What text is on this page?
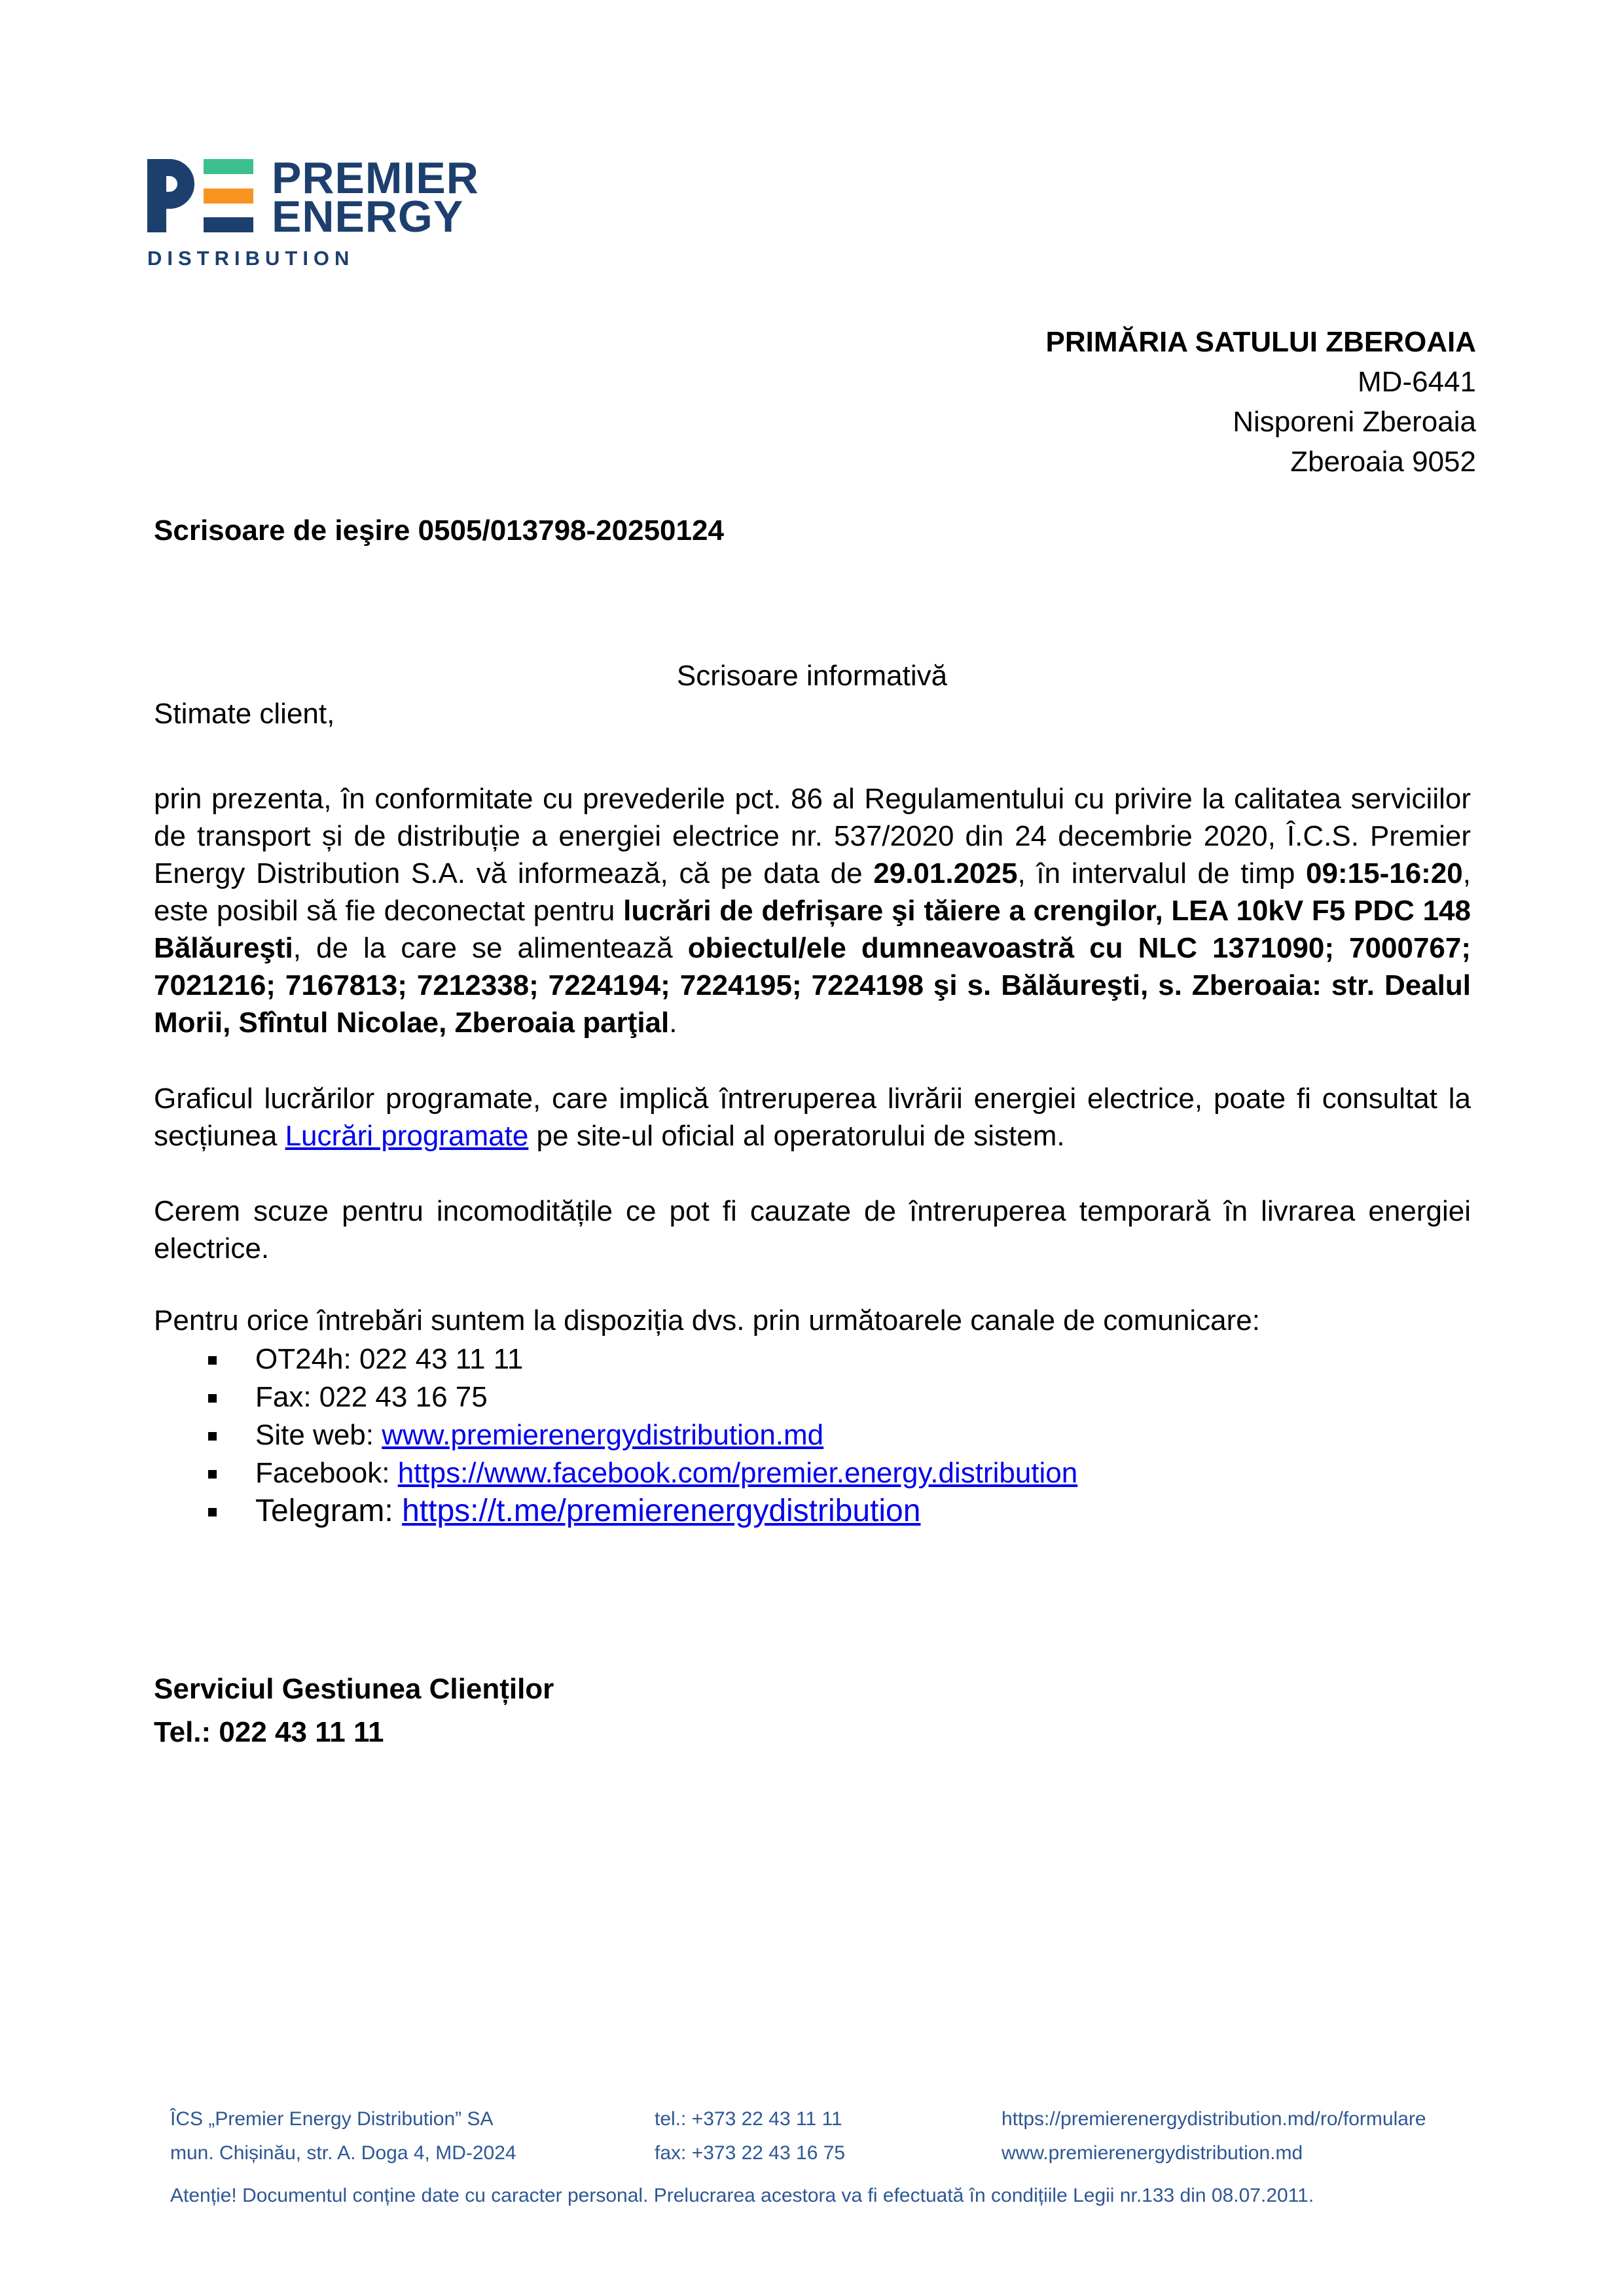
PREMIER
ENERGY
DISTRIBUTION
PRIMĂRIA SATULUI ZBEROAIA
MD-6441
Nisporeni Zberoaia
Zberoaia 9052
Scrisoare de ieşire 0505/013798-20250124
Scrisoare informativă
Stimate client,
prin prezenta, în conformitate cu prevederile pct. 86 al Regulamentului cu privire la calitatea serviciilor de transport și de distribuție a energiei electrice nr. 537/2020 din 24 decembrie 2020, Î.C.S. Premier Energy Distribution S.A. vă informează, că pe data de 29.01.2025, în intervalul de timp 09:15-16:20, este posibil să fie deconectat pentru lucrări de defrișare şi tăiere a crengilor, LEA 10kV F5 PDC 148 Bălăureşti, de la care se alimentează obiectul/ele dumneavoastră cu NLC 1371090; 7000767; 7021216; 7167813; 7212338; 7224194; 7224195; 7224198 şi s. Bălăureşti, s. Zberoaia: str. Dealul Morii, Sfîntul Nicolae, Zberoaia parţial.
Graficul lucrărilor programate, care implică întreruperea livrării energiei electrice, poate fi consultat la secțiunea Lucrări programate pe site-ul oficial al operatorului de sistem.
Cerem scuze pentru incomoditățile ce pot fi cauzate de întreruperea temporară în livrarea energiei electrice.
Pentru orice întrebări suntem la dispoziția dvs. prin următoarele canale de comunicare:
OT24h: 022 43 11 11
Fax: 022 43 16 75
Site web: www.premierenergydistribution.md
Facebook: https://www.facebook.com/premier.energy.distribution
Telegram: https://t.me/premierenergydistribution
Serviciul Gestiunea Clienților
Tel.: 022 43 11 11
ÎCS „Premier Energy Distribution” SA
mun. Chișinău, str. A. Doga 4, MD-2024
tel.: +373 22 43 11 11
fax: +373 22 43 16 75
https://premierenergydistribution.md/ro/formulare
www.premierenergydistribution.md
Atenție! Documentul conține date cu caracter personal. Prelucrarea acestora va fi efectuată în condițiile Legii nr.133 din 08.07.2011.
